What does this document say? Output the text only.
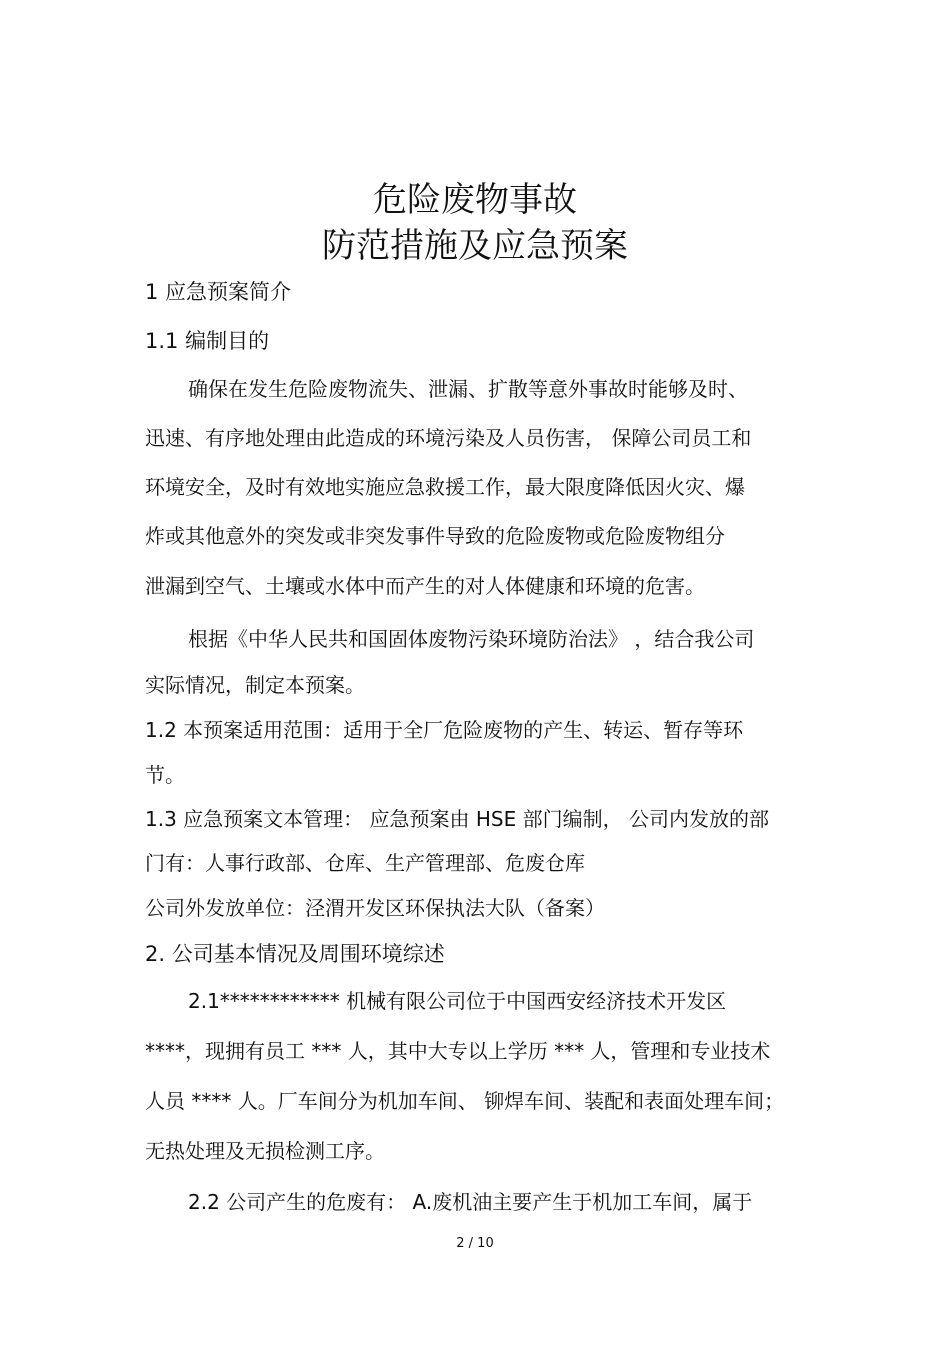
危险废物事故
防范措施及应急预案
1 应急预案简介
1.1 编制目的
确保在发生危险废物流失、泄漏、扩散等意外事故时能够及时、
迅速、有序地处理由此造成的环境污染及人员伤害， 保障公司员工和
环境安全，及时有效地实施应急救援工作，最大限度降低因火灾、爆
炸或其他意外的突发或非突发事件导致的危险废物或危险废物组分
泄漏到空气、土壤或水体中而产生的对人体健康和环境的危害。
根据《中华人民共和国固体废物污染环境防治法》 ，结合我公司
实际情况，制定本预案。
1.2 本预案适用范围：适用于全厂危险废物的产生、转运、暂存等环
节。
1.3 应急预案文本管理： 应急预案由 HSE 部门编制， 公司内发放的部
门有：人事行政部、仓库、生产管理部、危废仓库
公司外发放单位：泾渭开发区环保执法大队（备案）
2. 公司基本情况及周围环境综述
2.1************ 机械有限公司位于中国西安经济技术开发区
****，现拥有员工 *** 人，其中大专以上学历 *** 人，管理和专业技术
人员 **** 人。厂车间分为机加车间、 铆焊车间、装配和表面处理车间；
无热处理及无损检测工序。
2.2 公司产生的危废有： A.废机油主要产生于机加工车间，属于
2 / 10
